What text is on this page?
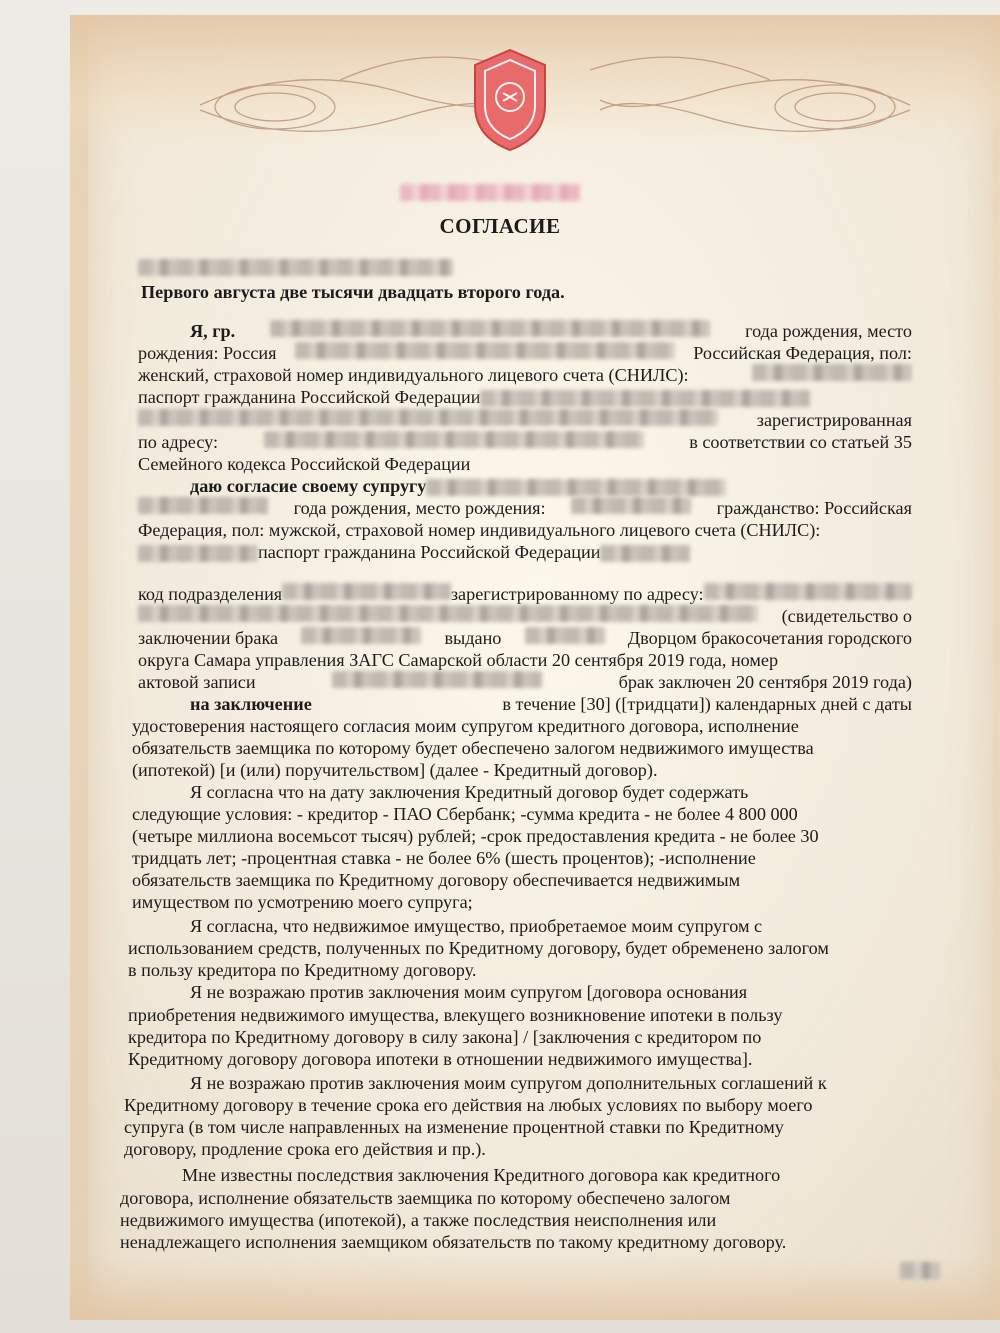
СОГЛАСИЕ
Первого августа две тысячи двадцать второго года.
Я, гр.	года рождения, место
рождения: Россия	Российская Федерация, пол:
женский, страховой номер индивидуального лицевого счета (СНИЛС):
паспорт гражданина Российской Федерации
зарегистрированная
по адресу:	в соответствии со статьей 35
Семейного кодекса Российской Федерации
даю согласие своему супругу
года рождения, место рождения:	гражданство: Российская
Федерация, пол: мужской, страховой номер индивидуального лицевого счета (СНИЛС):
паспорт гражданина Российской Федерации
код подразделения	зарегистрированному по адресу:
(свидетельство о
заключении брака	выдано	Дворцом бракосочетания городского
округа Самара управления ЗАГС Самарской области 20 сентября 2019 года, номер
актовой записи	брак заключен 20 сентября 2019 года)
на заключение	в течение [30] ([тридцати]) календарных дней с даты
удостоверения настоящего согласия моим супругом кредитного договора, исполнение
обязательств заемщика по которому будет обеспечено залогом недвижимого имущества
(ипотекой) [и (или) поручительством] (далее - Кредитный договор).
Я согласна что на дату заключения Кредитный договор будет содержать
следующие условия: - кредитор - ПАО Сбербанк; -сумма кредита - не более 4 800 000
(четыре миллиона восемьсот тысяч) рублей; -срок предоставления кредита - не более 30
тридцать лет; -процентная ставка - не более 6% (шесть процентов); -исполнение
обязательств заемщика по Кредитному договору обеспечивается недвижимым
имуществом по усмотрению моего супруга;
Я согласна, что недвижимое имущество, приобретаемое моим супругом с
использованием средств, полученных по Кредитному договору, будет обременено залогом
в пользу кредитора по Кредитному договору.
Я не возражаю против заключения моим супругом [договора основания
приобретения недвижимого имущества, влекущего возникновение ипотеки в пользу
кредитора по Кредитному договору в силу закона] / [заключения с кредитором по
Кредитному договору договора ипотеки в отношении недвижимого имущества].
Я не возражаю против заключения моим супругом дополнительных соглашений к
Кредитному договору в течение срока его действия на любых условиях по выбору моего
супруга (в том числе направленных на изменение процентной ставки по Кредитному
договору, продление срока его действия и пр.).
Мне известны последствия заключения Кредитного договора как кредитного
договора, исполнение обязательств заемщика по которому обеспечено залогом
недвижимого имущества (ипотекой), а также последствия неисполнения или
ненадлежащего исполнения заемщиком обязательств по такому кредитному договору.
